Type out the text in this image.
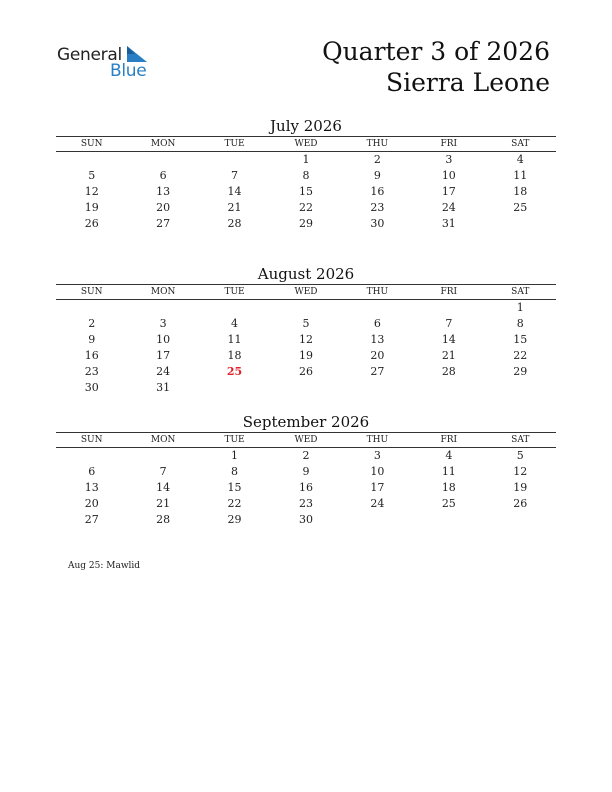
General
Blue
Quarter 3 of 2026
Sierra Leone
July 2026
SUN	MON	TUE	WED	THU	FRI	SAT
			1	2	3	4
5	6	7	8	9	10	11
12	13	14	15	16	17	18
19	20	21	22	23	24	25
26	27	28	29	30	31	
August 2026
SUN	MON	TUE	WED	THU	FRI	SAT
						1
2	3	4	5	6	7	8
9	10	11	12	13	14	15
16	17	18	19	20	21	22
23	24	25	26	27	28	29
30	31					
September 2026
SUN	MON	TUE	WED	THU	FRI	SAT
		1	2	3	4	5
6	7	8	9	10	11	12
13	14	15	16	17	18	19
20	21	22	23	24	25	26
27	28	29	30			
Aug 25: Mawlid
